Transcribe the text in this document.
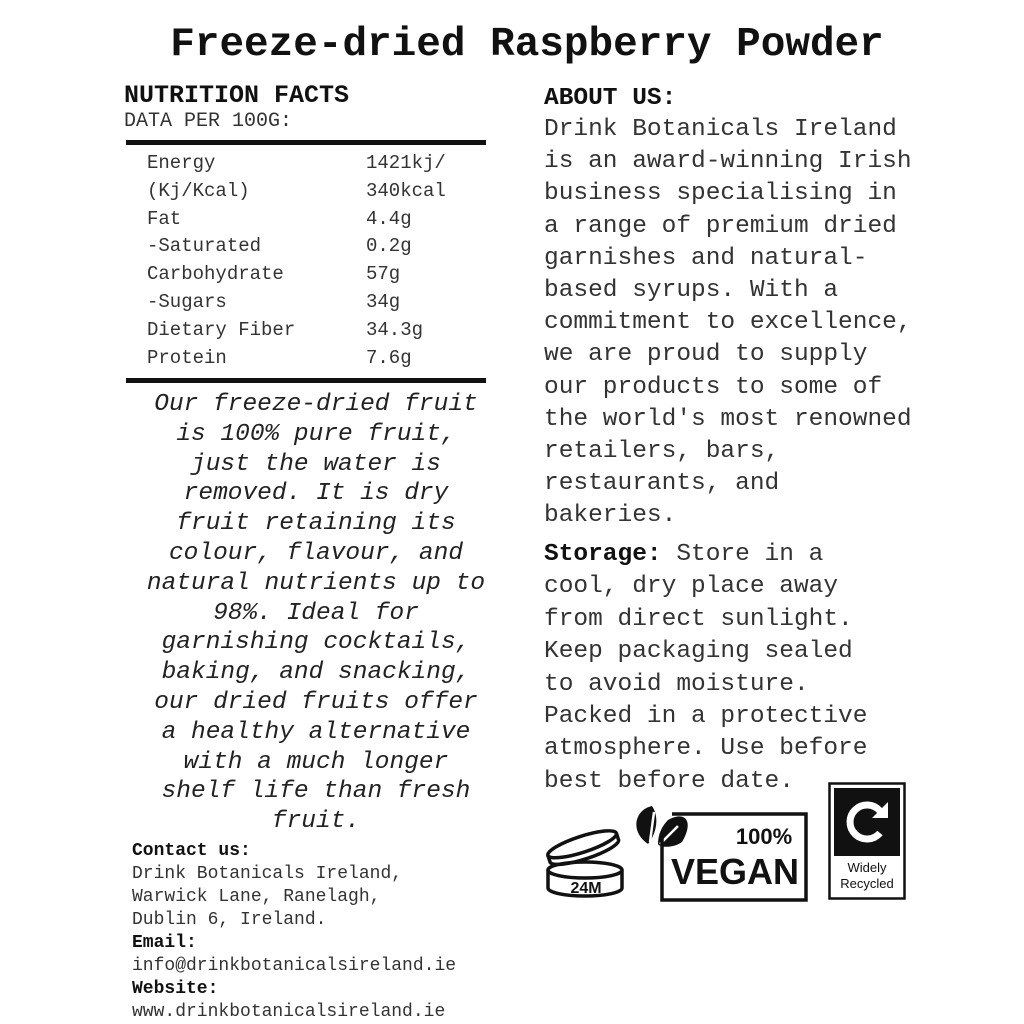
Freeze-dried Raspberry Powder
NUTRITION FACTS
DATA PER 100G:
Energy	1421kj/
(Kj/Kcal)	340kcal
Fat	4.4g
-Saturated	0.2g
Carbohydrate	57g
-Sugars	34g
Dietary Fiber	34.3g
Protein	7.6g

Our freeze-dried fruit
is 100% pure fruit,
just the water is
removed. It is dry
fruit retaining its
colour, flavour, and
natural nutrients up to
98%. Ideal for
garnishing cocktails,
baking, and snacking,
our dried fruits offer
a healthy alternative
with a much longer
shelf life than fresh
fruit.

Contact us:
Drink Botanicals Ireland,
Warwick Lane, Ranelagh,
Dublin 6, Ireland.
Email:
info@drinkbotanicalsireland.ie
Website:
www.drinkbotanicalsireland.ie
ABOUT US:

Drink Botanicals Ireland
is an award-winning Irish
business specialising in
a range of premium dried
garnishes and natural-
based syrups. With a
commitment to excellence,
we are proud to supply
our products to some of
the world's most renowned
retailers, bars,
restaurants, and
bakeries.

Storage: Store in a
cool, dry place away
from direct sunlight.
Keep packaging sealed
to avoid moisture.
Packed in a protective
atmosphere. Use before
best before date.

24M
100%
VEGAN	Widely
Recycled
